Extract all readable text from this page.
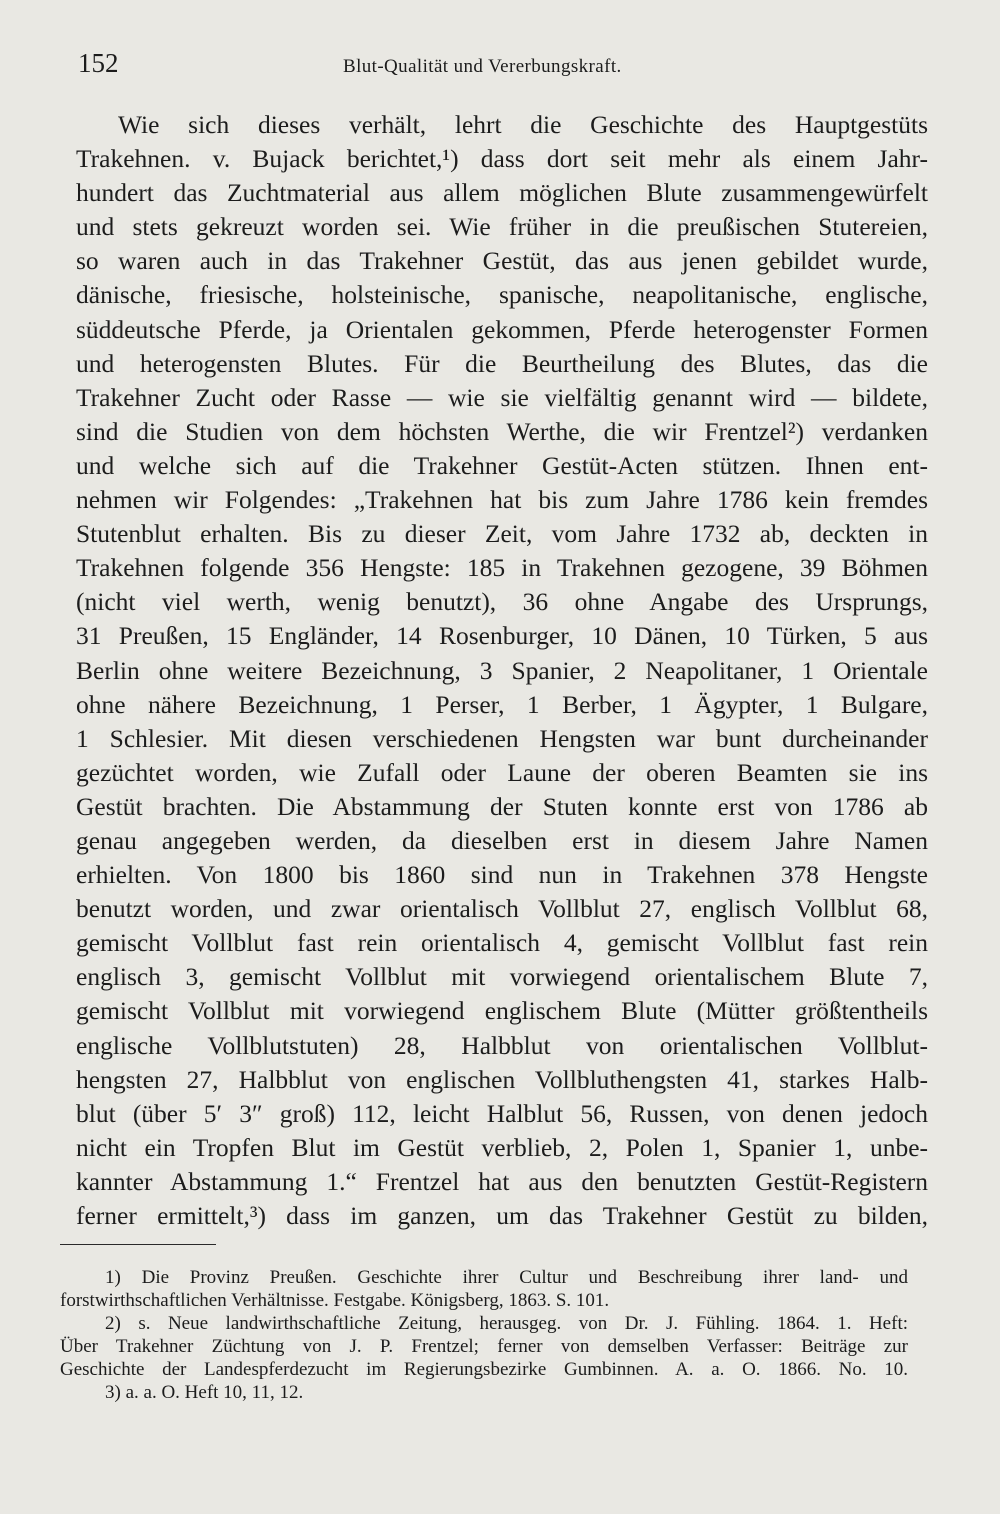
152	Blut-Qualität und Vererbungskraft.
Wie sich dieses verhält, lehrt die Geschichte des Hauptgestüts
Trakehnen. v. Bujack berichtet,¹) dass dort seit mehr als einem Jahr-
hundert das Zuchtmaterial aus allem möglichen Blute zusammengewürfelt
und stets gekreuzt worden sei. Wie früher in die preußischen Stutereien,
so waren auch in das Trakehner Gestüt, das aus jenen gebildet wurde,
dänische, friesische, holsteinische, spanische, neapolitanische, englische,
süddeutsche Pferde, ja Orientalen gekommen, Pferde heterogenster Formen
und heterogensten Blutes. Für die Beurtheilung des Blutes, das die
Trakehner Zucht oder Rasse — wie sie vielfältig genannt wird — bildete,
sind die Studien von dem höchsten Werthe, die wir Frentzel²) verdanken
und welche sich auf die Trakehner Gestüt-Acten stützen. Ihnen ent-
nehmen wir Folgendes: „Trakehnen hat bis zum Jahre 1786 kein fremdes
Stutenblut erhalten. Bis zu dieser Zeit, vom Jahre 1732 ab, deckten in
Trakehnen folgende 356 Hengste: 185 in Trakehnen gezogene, 39 Böhmen
(nicht viel werth, wenig benutzt), 36 ohne Angabe des Ursprungs,
31 Preußen, 15 Engländer, 14 Rosenburger, 10 Dänen, 10 Türken, 5 aus
Berlin ohne weitere Bezeichnung, 3 Spanier, 2 Neapolitaner, 1 Orientale
ohne nähere Bezeichnung, 1 Perser, 1 Berber, 1 Ägypter, 1 Bulgare,
1 Schlesier. Mit diesen verschiedenen Hengsten war bunt durcheinander
gezüchtet worden, wie Zufall oder Laune der oberen Beamten sie ins
Gestüt brachten. Die Abstammung der Stuten konnte erst von 1786 ab
genau angegeben werden, da dieselben erst in diesem Jahre Namen
erhielten. Von 1800 bis 1860 sind nun in Trakehnen 378 Hengste
benutzt worden, und zwar orientalisch Vollblut 27, englisch Vollblut 68,
gemischt Vollblut fast rein orientalisch 4, gemischt Vollblut fast rein
englisch 3, gemischt Vollblut mit vorwiegend orientalischem Blute 7,
gemischt Vollblut mit vorwiegend englischem Blute (Mütter größtentheils
englische Vollblutstuten) 28, Halbblut von orientalischen Vollblut-
hengsten 27, Halbblut von englischen Vollbluthengsten 41, starkes Halb-
blut (über 5′ 3″ groß) 112, leicht Halblut 56, Russen, von denen jedoch
nicht ein Tropfen Blut im Gestüt verblieb, 2, Polen 1, Spanier 1, unbe-
kannter Abstammung 1.“ Frentzel hat aus den benutzten Gestüt-Registern
ferner ermittelt,³) dass im ganzen, um das Trakehner Gestüt zu bilden,
1) Die Provinz Preußen. Geschichte ihrer Cultur und Beschreibung ihrer land- und
forstwirthschaftlichen Verhältnisse. Festgabe. Königsberg, 1863. S. 101.
2) s. Neue landwirthschaftliche Zeitung, herausgeg. von Dr. J. Fühling. 1864. 1. Heft:
Über Trakehner Züchtung von J. P. Frentzel; ferner von demselben Verfasser: Beiträge zur
Geschichte der Landespferdezucht im Regierungsbezirke Gumbinnen. A. a. O. 1866. No. 10.
3) a. a. O. Heft 10, 11, 12.
